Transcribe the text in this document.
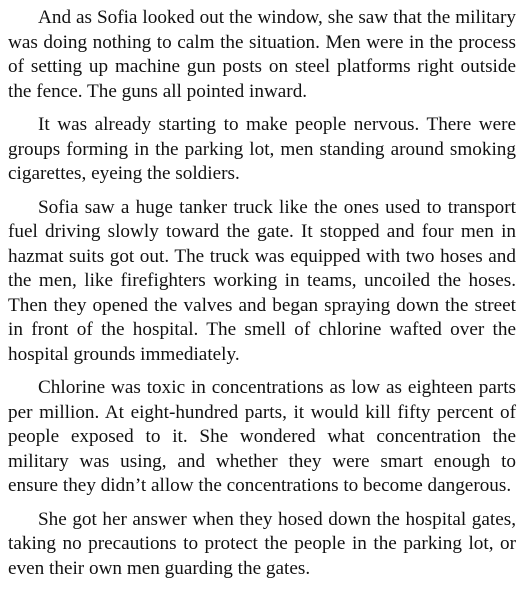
And as Sofia looked out the window, she saw that the military was doing nothing to calm the situation. Men were in the process of setting up machine gun posts on steel platforms right outside the fence. The guns all pointed inward.

It was already starting to make people nervous. There were groups forming in the parking lot, men standing around smoking cigarettes, eyeing the soldiers.

Sofia saw a huge tanker truck like the ones used to transport fuel driving slowly toward the gate. It stopped and four men in hazmat suits got out. The truck was equipped with two hoses and the men, like firefighters working in teams, uncoiled the hoses. Then they opened the valves and began spraying down the street in front of the hospital. The smell of chlorine wafted over the hospital grounds immediately.

Chlorine was toxic in concentrations as low as eighteen parts per million. At eight-hundred parts, it would kill fifty percent of people exposed to it. She wondered what concentration the military was using, and whether they were smart enough to ensure they didn’t allow the concentrations to become dangerous.

She got her answer when they hosed down the hospital gates, taking no precautions to protect the people in the parking lot, or even their own men guarding the gates.
